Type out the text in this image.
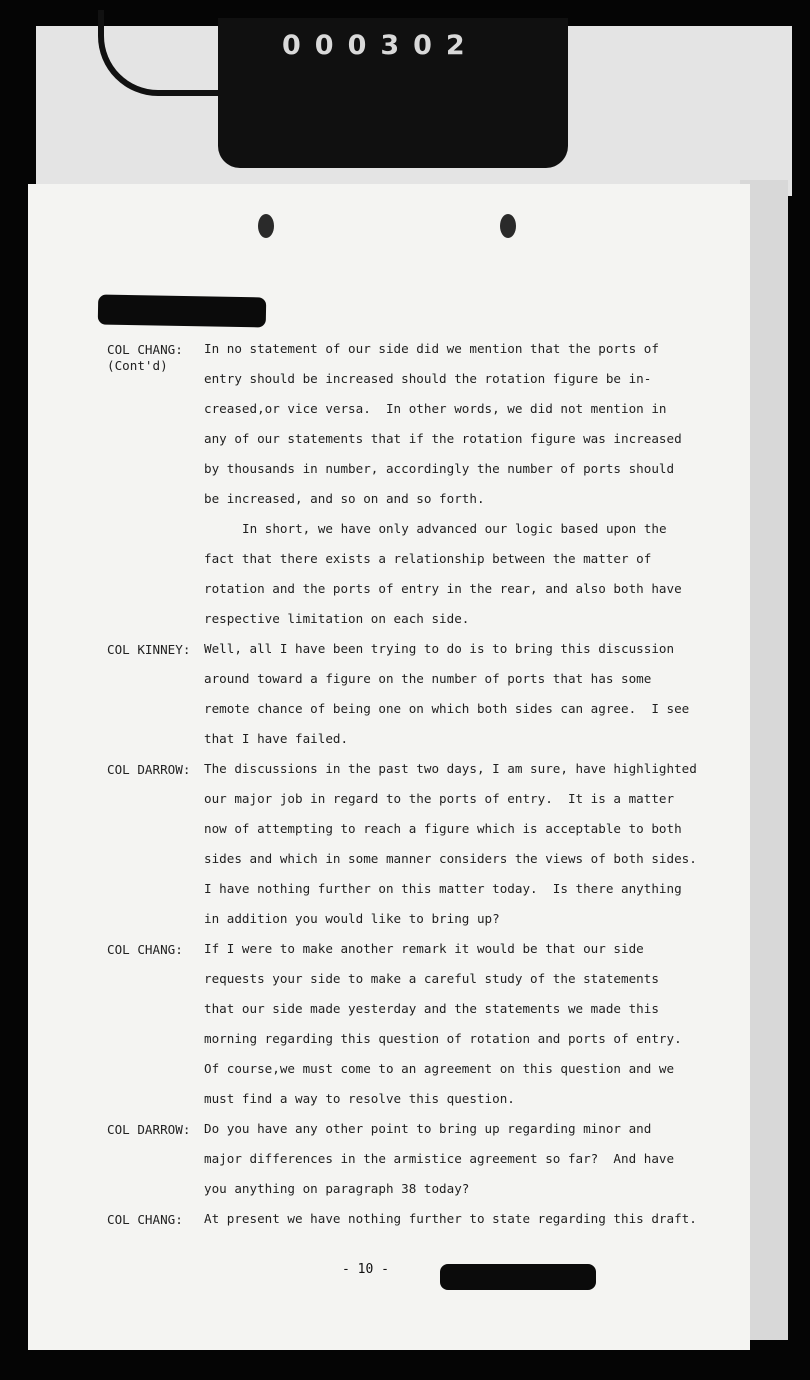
000302
COL CHANG:
(Cont'd)
COL KINNEY:
COL DARROW:
COL CHANG:
COL DARROW:
COL CHANG:
In no statement of our side did we mention that the ports of
entry should be increased should the rotation figure be in-
creased,or vice versa.  In other words, we did not mention in
any of our statements that if the rotation figure was increased
by thousands in number, accordingly the number of ports should
be increased, and so on and so forth.
In short, we have only advanced our logic based upon the
fact that there exists a relationship between the matter of
rotation and the ports of entry in the rear, and also both have
respective limitation on each side.
Well, all I have been trying to do is to bring this discussion
around toward a figure on the number of ports that has some
remote chance of being one on which both sides can agree.  I see
that I have failed.
The discussions in the past two days, I am sure, have highlighted
our major job in regard to the ports of entry.  It is a matter
now of attempting to reach a figure which is acceptable to both
sides and which in some manner considers the views of both sides.
I have nothing further on this matter today.  Is there anything
in addition you would like to bring up?
If I were to make another remark it would be that our side
requests your side to make a careful study of the statements
that our side made yesterday and the statements we made this
morning regarding this question of rotation and ports of entry.
Of course,we must come to an agreement on this question and we
must find a way to resolve this question.
Do you have any other point to bring up regarding minor and
major differences in the armistice agreement so far?  And have
you anything on paragraph 38 today?
At present we have nothing further to state regarding this draft.
- 10 -
